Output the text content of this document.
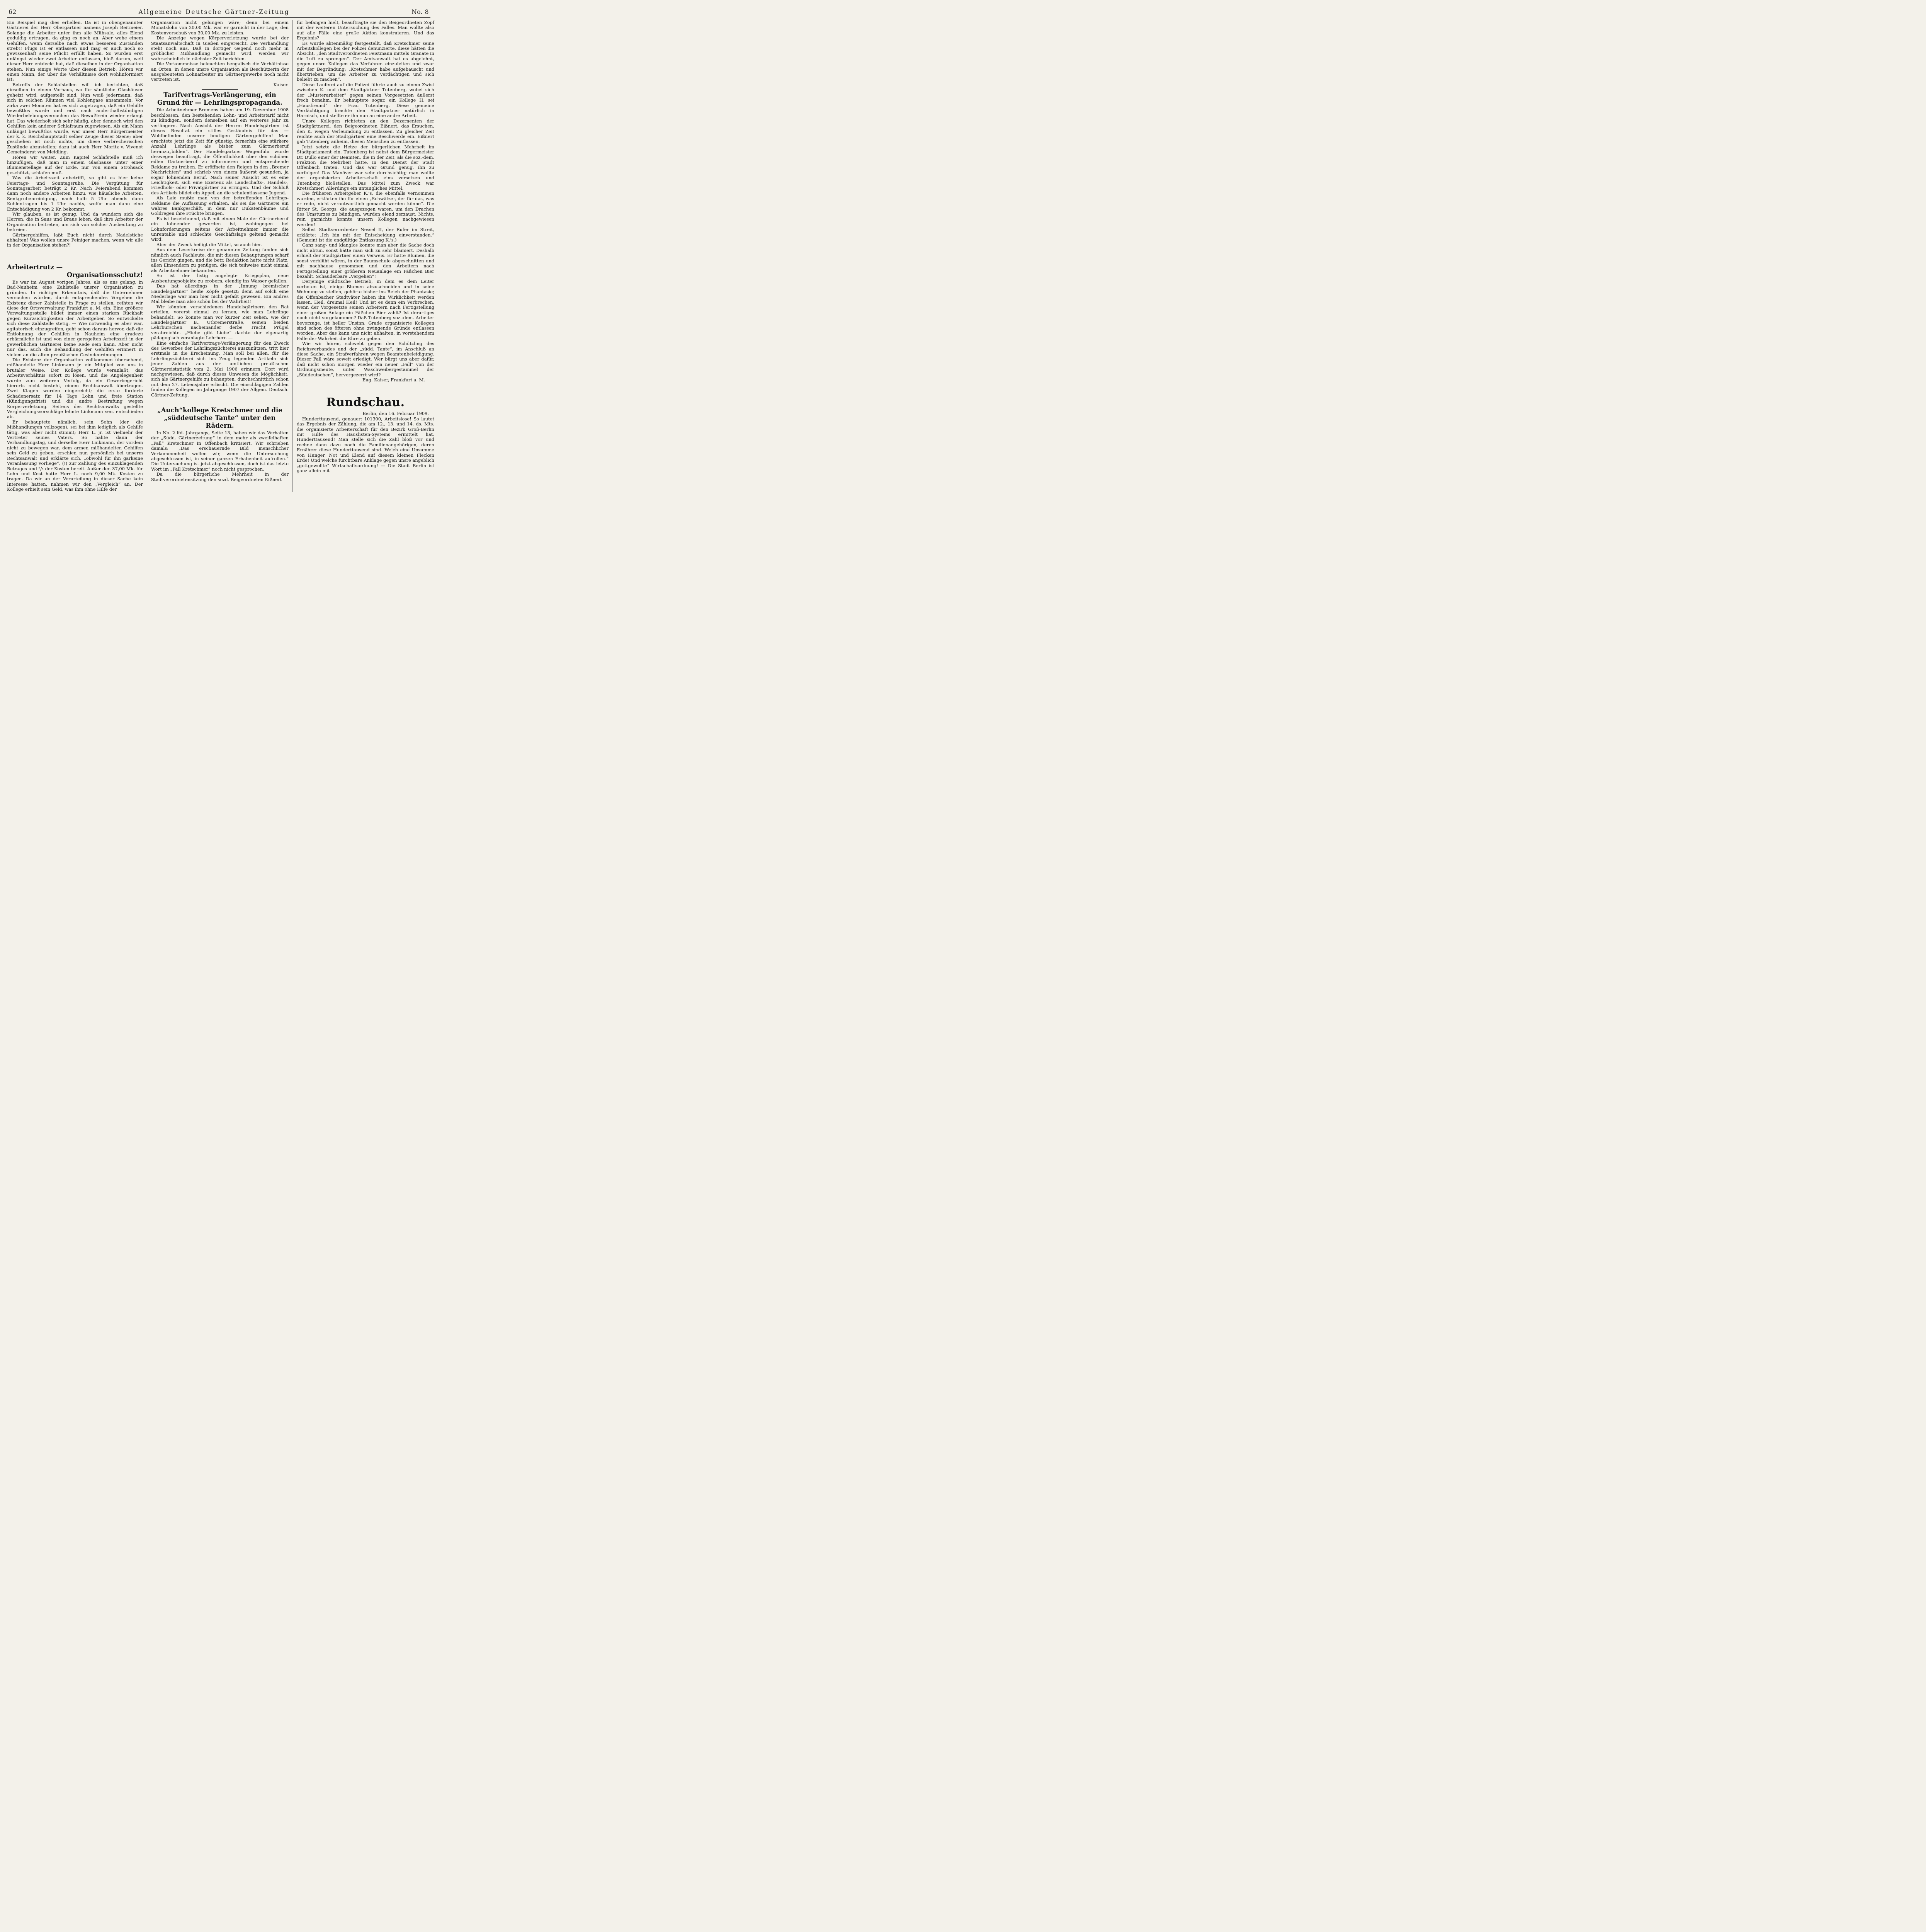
62	Allgemeine Deutsche Gärtner-Zeitung	No. 8

Ein Beispiel mag dies erhellen. Da ist in obengenannter Gärtnerei der Herr Obergärtner namens Joseph Reitmeier. Solange die Arbeiter unter ihm alle Mühsale, alles Elend geduldig ertrugen, da ging es noch an. Aber wehe einem Gehilfen, wenn derselbe nach etwas besseren Zuständen strebt! Flugs ist er entlassen und mag er auch noch so gewissenhaft seine Pflicht erfüllt haben. So wurden erst unlängst wieder zwei Arbeiter entlassen, bloß darum, weil dieser Herr entdeckt hat, daß dieselben in der Organisation stehen. Nun einige Worte über diesen Betrieb. Hören wir einen Mann, der über die Verhältnisse dort wohlinformiert ist:

Betreffs der Schlafstellen will ich berichten, daß dieselben in einem Vorhaus, wo für sämtliche Glashäuser geheizt wird, aufgestellt sind. Nun weiß jedermann, daß sich in solchen Räumen viel Kohlengase ansammeln. Vor zirka zwei Monaten hat es sich zugetragen, daß ein Gehilfe bewußtlos wurde und erst nach anderthalbstündigen Wiederbelebungsversuchen das Bewußtsein wieder erlangt hat. Das wiederholt sich sehr häufig, aber dennoch wird den Gehilfen kein anderer Schlafraum zugewiesen. Als ein Mann unlängst bewußtlos wurde, war unser Herr Bürgermeister der k. k. Reichshauptstadt selber Zeuge dieser Szene; aber geschehen ist noch nichts, um diese verbrecherischen Zustände abzustellen; dazu ist auch Herr Moritz v. Vivenot Gemeinderat von Meidling.

Hören wir weiter. Zum Kapitel Schlafstelle muß ich hinzufügen, daß man in einem Glashause unter einer Blumenstellage auf der Erde, nur von einem Strohsack geschützt, schlafen muß.

Was die Arbeitszeit anbetrifft, so gibt es hier keine Feiertags- und Sonntagsruhe. Die Vergütung für Sonntagsarbeit beträgt 2 Kr. Nach Feierabend kommen dann noch andere Arbeiten hinzu, wie häusliche Arbeiten, Senkgrubenreinigung, nach halb 5 Uhr abends dann Kohlentragen bis 1 Uhr nachts, wofür man dann eine Entschädigung von 2 Kr. bekommt.

Wir glauben, es ist genug. Und da wundern sich die Herren, die in Saus und Braus leben, daß ihre Arbeiter der Organisation beitreten, um sich von solcher Ausbeutung zu befreien.

Gärtnergehilfen, laßt Euch nicht durch Nadelstiche abhalten! Was wollen unsre Peiniger machen, wenn wir alle in der Organisation stehen?!

Arbeitertrutz —
Organisationsschutz!

Es war im August vorigen Jahres, als es uns gelang, in Bad-Nauheim eine Zahlstelle unsrer Organisation zu gründen. In richtiger Erkenntnis, daß die Unternehmer versuchen würden, durch entsprechendes Vorgehen die Existenz dieser Zahlstelle in Frage zu stellen, reihten wir diese der Ortsverwaltung Frankfurt a. M. ein. Eine größere Verwaltungsstelle bildet immer einen starken Rückhalt gegen Kurzsichtigkeiten der Arbeitgeber. So entwickelte sich diese Zahlstelle stetig. — Wie notwendig es aber war, agitatorisch einzugreifen, geht schon daraus hervor, daß die Entlohnung der Gehilfen in Nauheim eine gradezu erbärmliche ist und von einer geregelten Arbeitszeit in der gewerblichen Gärtnerei keine Rede sein kann. Aber nicht nur das, auch die Behandlung der Gehilfen erinnert in vielem an die alten preußischen Gesindeordnungen.

Die Existenz der Organisation vollkommen übersehend, mißhandelte Herr Linkmann jr. ein Mitglied von uns in brutaler Weise. Der Kollege wurde veranlaßt, das Arbeitsverhältnis sofort zu lösen, und die Angelegenheit wurde zum weiteren Verfolg, da ein Gewerbegericht hierorts nicht besteht, einem Rechtsanwalt übertragen. Zwei Klagen wurden eingereicht; die erste forderte Schadenersatz für 14 Tage Lohn und freie Station (Kündigungsfrist) und die andre Bestrafung wegen Körperverletzung. Seitens des Rechtsanwalts gestellte Vergleichungsvorschläge lehnte Linkmann sen. entschieden ab.

Er behauptete nämlich, sein Sohn (der die Mißhandlungen vollzogen), sei bei ihm lediglich als Gehilfe tätig, was aber nicht stimmt; Herr L. jr. ist vielmehr der Vertreter seines Vaters. So nahte dann der Verhandlungstag, und derselbe Herr Linkmann, der vordem nicht zu bewegen war, dem armen mißhandelten Gehilfen sein Geld zu geben, erschien nun persönlich bei unserm Rechtsanwalt und erklärte sich, „obwohl für ihn garkeine Veranlassung vorliege“, (!) zur Zahlung des einzuklagenden Betrages und ²/₃ der Kosten bereit. Außer den 37,00 Mk. für Lohn und Kost hatte Herr L. noch 9,00 Mk. Kosten zu tragen. Da wir an der Verurteilung in dieser Sache kein Interesse hatten, nahmen wir den „Vergleich“ an. Der Kollege erhielt sein Geld, was ihm ohne Hilfe der

Organisation nicht gelungen wäre; denn bei einem Monatslohn von 20,00 Mk. war er garnicht in der Lage, den Kostenvorschuß von 30,00 Mk. zu leisten.

Die Anzeige wegen Körperverletzung wurde bei der Staatsanwaltschaft in Gießen eingereicht. Die Verhandlung steht noch aus. Daß in dortiger Gegend noch mehr in gröblicher Mißhandlung gemacht wird, werden wir wahrscheinlich in nächster Zeit berichten.

Die Vorkommnisse beleuchten bengalisch die Verhältnisse an Orten, in denen unsre Organisation als Beschützerin der ausgebeuteten Lohnarbeiter im Gärtnergewerbe noch nicht vertreten ist.

Kaiser.

Tarifvertrags-Verlängerung, ein
Grund für — Lehrlingspropaganda.

Die Arbeitnehmer Bremens haben am 19. Dezember 1908 beschlossen, den bestehenden Lohn- und Arbeitstarif nicht zu kündigen, sondern denselben auf ein weiteres Jahr zu verlängern. Nach Ansicht der Herren Handelsgärtner ist dieses Resultat ein stilles Geständnis für das — Wohlbefinden unserer heutigen Gärtnergehilfen! Man erachtete jetzt die Zeit für günstig, fernerhin eine stärkere Anzahl Lehrlinge als bisher zum Gärtnerberuf heranzu„bilden“. Der Handelsgärtner Wagenführ wurde deswegen beauftragt, die Öffentlichkeit über den schönen edlen Gärtnerberuf zu informieren und entsprechende Reklame zu treiben. Er eröffnete den Reigen in den „Bremer Nachrichten“ und schrieb von einem äußerst gesunden, ja sogar lohnenden Beruf. Nach seiner Ansicht ist es eine Leichtigkeit, sich eine Existenz als Landschafts-, Handels-, Friedhofs- oder Privatgärtner zu erringen. Und der Schluß des Artikels bildet ein Appell an die schulentlassene Jugend.

Als Laie mußte man von der betreffenden Lehrlings-Reklame die Auffassung erhalten, als sei die Gärtnerei ein wahres Bankgeschäft, in dem nur Dukatenbäume und Goldregen ihre Früchte bringen.

Es ist bezeichnend, daß mit einem Male der Gärtnerberuf ein lohnender geworden ist, wohingegen bei Lohnforderungen seitens der Arbeitnehmer immer die unrentable und schlechte Geschäftslage geltend gemacht wird!

Aber der Zweck heiligt die Mittel, so auch hier.

Aus dem Leserkreise der genannten Zeitung fanden sich nämlich auch Fachleute, die mit diesen Behauptungen scharf ins Gericht gingen, und die betr. Redaktion hatte nicht Platz, allen Einsendern zu genügen, die sich teilweise nicht einmal als Arbeitnehmer bekannten.

So ist der listig angelegte Kriegsplan, neue Ausbeutungsobjekte zu erobern, elendig ins Wasser gefallen.

Das hat allerdings in der „Innung bremischer Handelsgärtner“ heiße Köpfe gesetzt; denn auf solch eine Niederlage war man hier nicht gefaßt gewesen. Ein andres Mal bleibe man also schön bei der Wahrheit!

Wir könnten verschiedenen Handelsgärtnern den Rat erteilen, vorerst einmal zu lernen, wie man Lehrlinge behandelt. So konnte man vor kurzer Zeit sehen, wie der Handelsgärtner B., Utbremerstraße, seinen beiden Lehrburschen nacheinander derbe Tracht Prügel verabreichte. „Hiebe gibt Liebe“ dachte der eigenartig pädagogisch veranlagte Lehrherr. —

Eine einfache Tarifvertrags-Verlängerung für den Zweck des Gewerbes der Lehrlingszüchterei auszunützen, tritt hier erstmals in die Erscheinung. Man soll bei allen, für die Lehrlingszüchterei sich ins Zeug legenden Artikeln sich jener Zahlen aus der amtlichen preußischen Gärtnereistatistik vom 2. Mai 1906 erinnern. Dort wird nachgewiesen, daß durch dieses Unwesen die Möglichkeit, sich als Gärtnergehilfe zu behaupten, durchschnittlich schon mit dem 27. Lebensjahre erlischt. Die einschlägigen Zahlen finden die Kollegen im Jahrgange 1907 der Allgem. Deutsch. Gärtner-Zeitung.

„Auch“kollege Kretschmer und die
„süddeutsche Tante“ unter den
Rädern.

In No. 2 lfd. Jahrgangs, Seite 13, haben wir das Verhalten der „Südd. Gärtnerzeitung“ in dem mehr als zweifelhaften „Fall“ Kretschmer in Offenbach kritisiert. Wir schrieben damals: „Das erschauernde Bild menschlicher Verkommenheit wollen wir, wenn die Untersuchung abgeschlossen ist, in seiner ganzen Erhabenheit aufrollen.“ Die Untersuchung ist jetzt abgeschlossen, doch ist das letzte Wort im „Fall Kretschmer“ noch nicht gesprochen.

Da die bürgerliche Mehrheit in der Stadtverordnetensitzung den sozd. Beigeordneten Eißnert

für befangen hielt, beauftragte sie den Beigeordneten Zopf mit der weiteren Untersuchung des Falles. Man wollte also auf alle Fälle eine große Aktion konstruieren. Und das Ergebnis?

Es wurde aktenmäßig festgestellt, daß Kretschmer seine Arbeitskollegen bei der Polizei denunzierte, diese hätten die Absicht, „den Stadtverordneten Feistmann mittels Granate in die Luft zu sprengen“. Der Amtsanwalt hat es abgelehnt, gegen unsre Kollegen das Verfahren einzuleiten und zwar mit der Begründung: „Kretschmer habe aufgebauscht und übertrieben, um die Arbeiter zu verdächtigen und sich beliebt zu machen“.

Diese Lauferei auf die Polizei führte auch zu einem Zwist zwischen K. und dem Stadtgärtner Tutenberg, wobei sich der „Musterarbeiter“ gegen seinen Vorgesetzten äußerst frech benahm. Er behauptete sogar, ein Kollege H. sei „Hausfreund“ der Frau Tutenberg. Diese gemeine Verdächtigung brachte den Stadtgärtner natürlich in Harnisch, und stellte er ihn nun an eine andre Arbeit.

Unsre Kollegen richteten an den Dezernenten der Stadtgärtnerei, den Beigeordneten Eißnert, das Ersuchen, den K. wegen Verleumdung zu entlassen. Zu gleicher Zeit reichte auch der Stadtgärtner eine Beschwerde ein. Eißnert gab Tutenberg anheim, diesen Menschen zu entlassen.

Jetzt setzte die Hetze der bürgerlichen Mehrheit im Stadtparlament ein. Tutenberg ist nebst dem Bürgermeister Dr. Dullo einer der Beamten, die in der Zeit, als die soz.-dem. Fraktion die Mehrheit hatte, in den Dienst der Stadt Offenbach traten. Und das war Grund genug, ihn zu verfolgen! Das Manöver war sehr durchsichtig; man wollte der organisierten Arbeiterschaft eins versetzen und Tutenberg bloßstellen. Das Mittel zum Zweck war Kretschmer! Allerdings ein untaugliches Mittel.

Die früheren Arbeitgeber K.'s, die ebenfalls vernommen wurden, erklärten ihn für einen „Schwätzer, der für das, was er rede, nicht verantwortlich gemacht werden könne“. Die Ritter St. Georgs, die ausgezogen waren, um den Drachen des Umsturzes zu bändigen, wurden elend zerzaust. Nichts, rein garnichts konnte unsern Kollegen nachgewiesen werden!

Selbst Stadtverordneter Nessel II, der Rufer im Streit, erklärte: „Ich bin mit der Entscheidung einverstanden.“ (Gemeint ist die endgültige Entlassung K.'s.)

Ganz sang- und klanglos konnte man aber die Sache doch nicht abtun, sonst hätte man sich zu sehr blamiert. Deshalb erhielt der Stadtgärtner einen Verweis. Er hatte Blumen, die sonst verblüht wären, in der Baumschule abgeschnitten und mit nachhause genommen und den Arbeitern nach Fertigstellung einer größeren Neuanlage ein Fäßchen Bier bezahlt. Schauderbare „Vergehen“!

Derjenige städtische Betrieb, in dem es dem Leiter verboten ist, einige Blumen abzuschneiden und in seine Wohnung zu stellen, gehörte bisher ins Reich der Phantasie; die Offenbacher Stadtväter haben ihn Wirklichkeit werden lassen. Heil, dreimal Heil! Und ist es denn ein Verbrechen, wenn der Vorgesetzte seinen Arbeitern nach Fertigstellung einer großen Anlage ein Fäßchen Bier zahlt? Ist derartiges noch nicht vorgekommen? Daß Tutenberg soz.-dem. Arbeiter bevorzuge, ist heller Unsinn. Grade organisierte Kollegen sind schon des öfteren ohne zwingende Gründe entlassen worden. Aber das kann uns nicht abhalten, in vorstehendem Falle der Wahrheit die Ehre zu geben.

Wie wir hören, schwebt gegen den Schützling des Reichsverbandes und der „südd. Tante“, im Anschluß an diese Sache, ein Strafverfahren wegen Beamtenbeleidigung. Dieser Fall wäre soweit erledigt. Wer bürgt uns aber dafür, daß nicht schon morgen wieder ein neuer „Fall“ von der Ordnungsmeute, unter Waschweibergestammel der „Süddeutschen“, hervorgezerrt wird?

Eug. Kaiser, Frankfurt a. M.

Rundschau.

Berlin, den 16. Februar 1909.

Hunderttausend, genauer: 101300, Arbeitslose! So lautet das Ergebnis der Zählung, die am 12., 13. und 14. ds. Mts. die organisierte Arbeiterschaft für den Bezirk Groß-Berlin mit Hilfe des Hauslisten-Systems ermittelt hat. Hunderttausend! Man stelle sich die Zahl bloß vor und rechne dann dazu noch die Familienangehörigen, deren Ernährer diese Hunderttausend sind. Welch eine Unsumme von Hunger, Not und Elend auf diesem kleinen Flecken Erde! Und welche furchtbare Anklage gegen unsre angeblich „gottgewollte“ Wirtschaftsordnung! — Die Stadt Berlin ist ganz allein mit
